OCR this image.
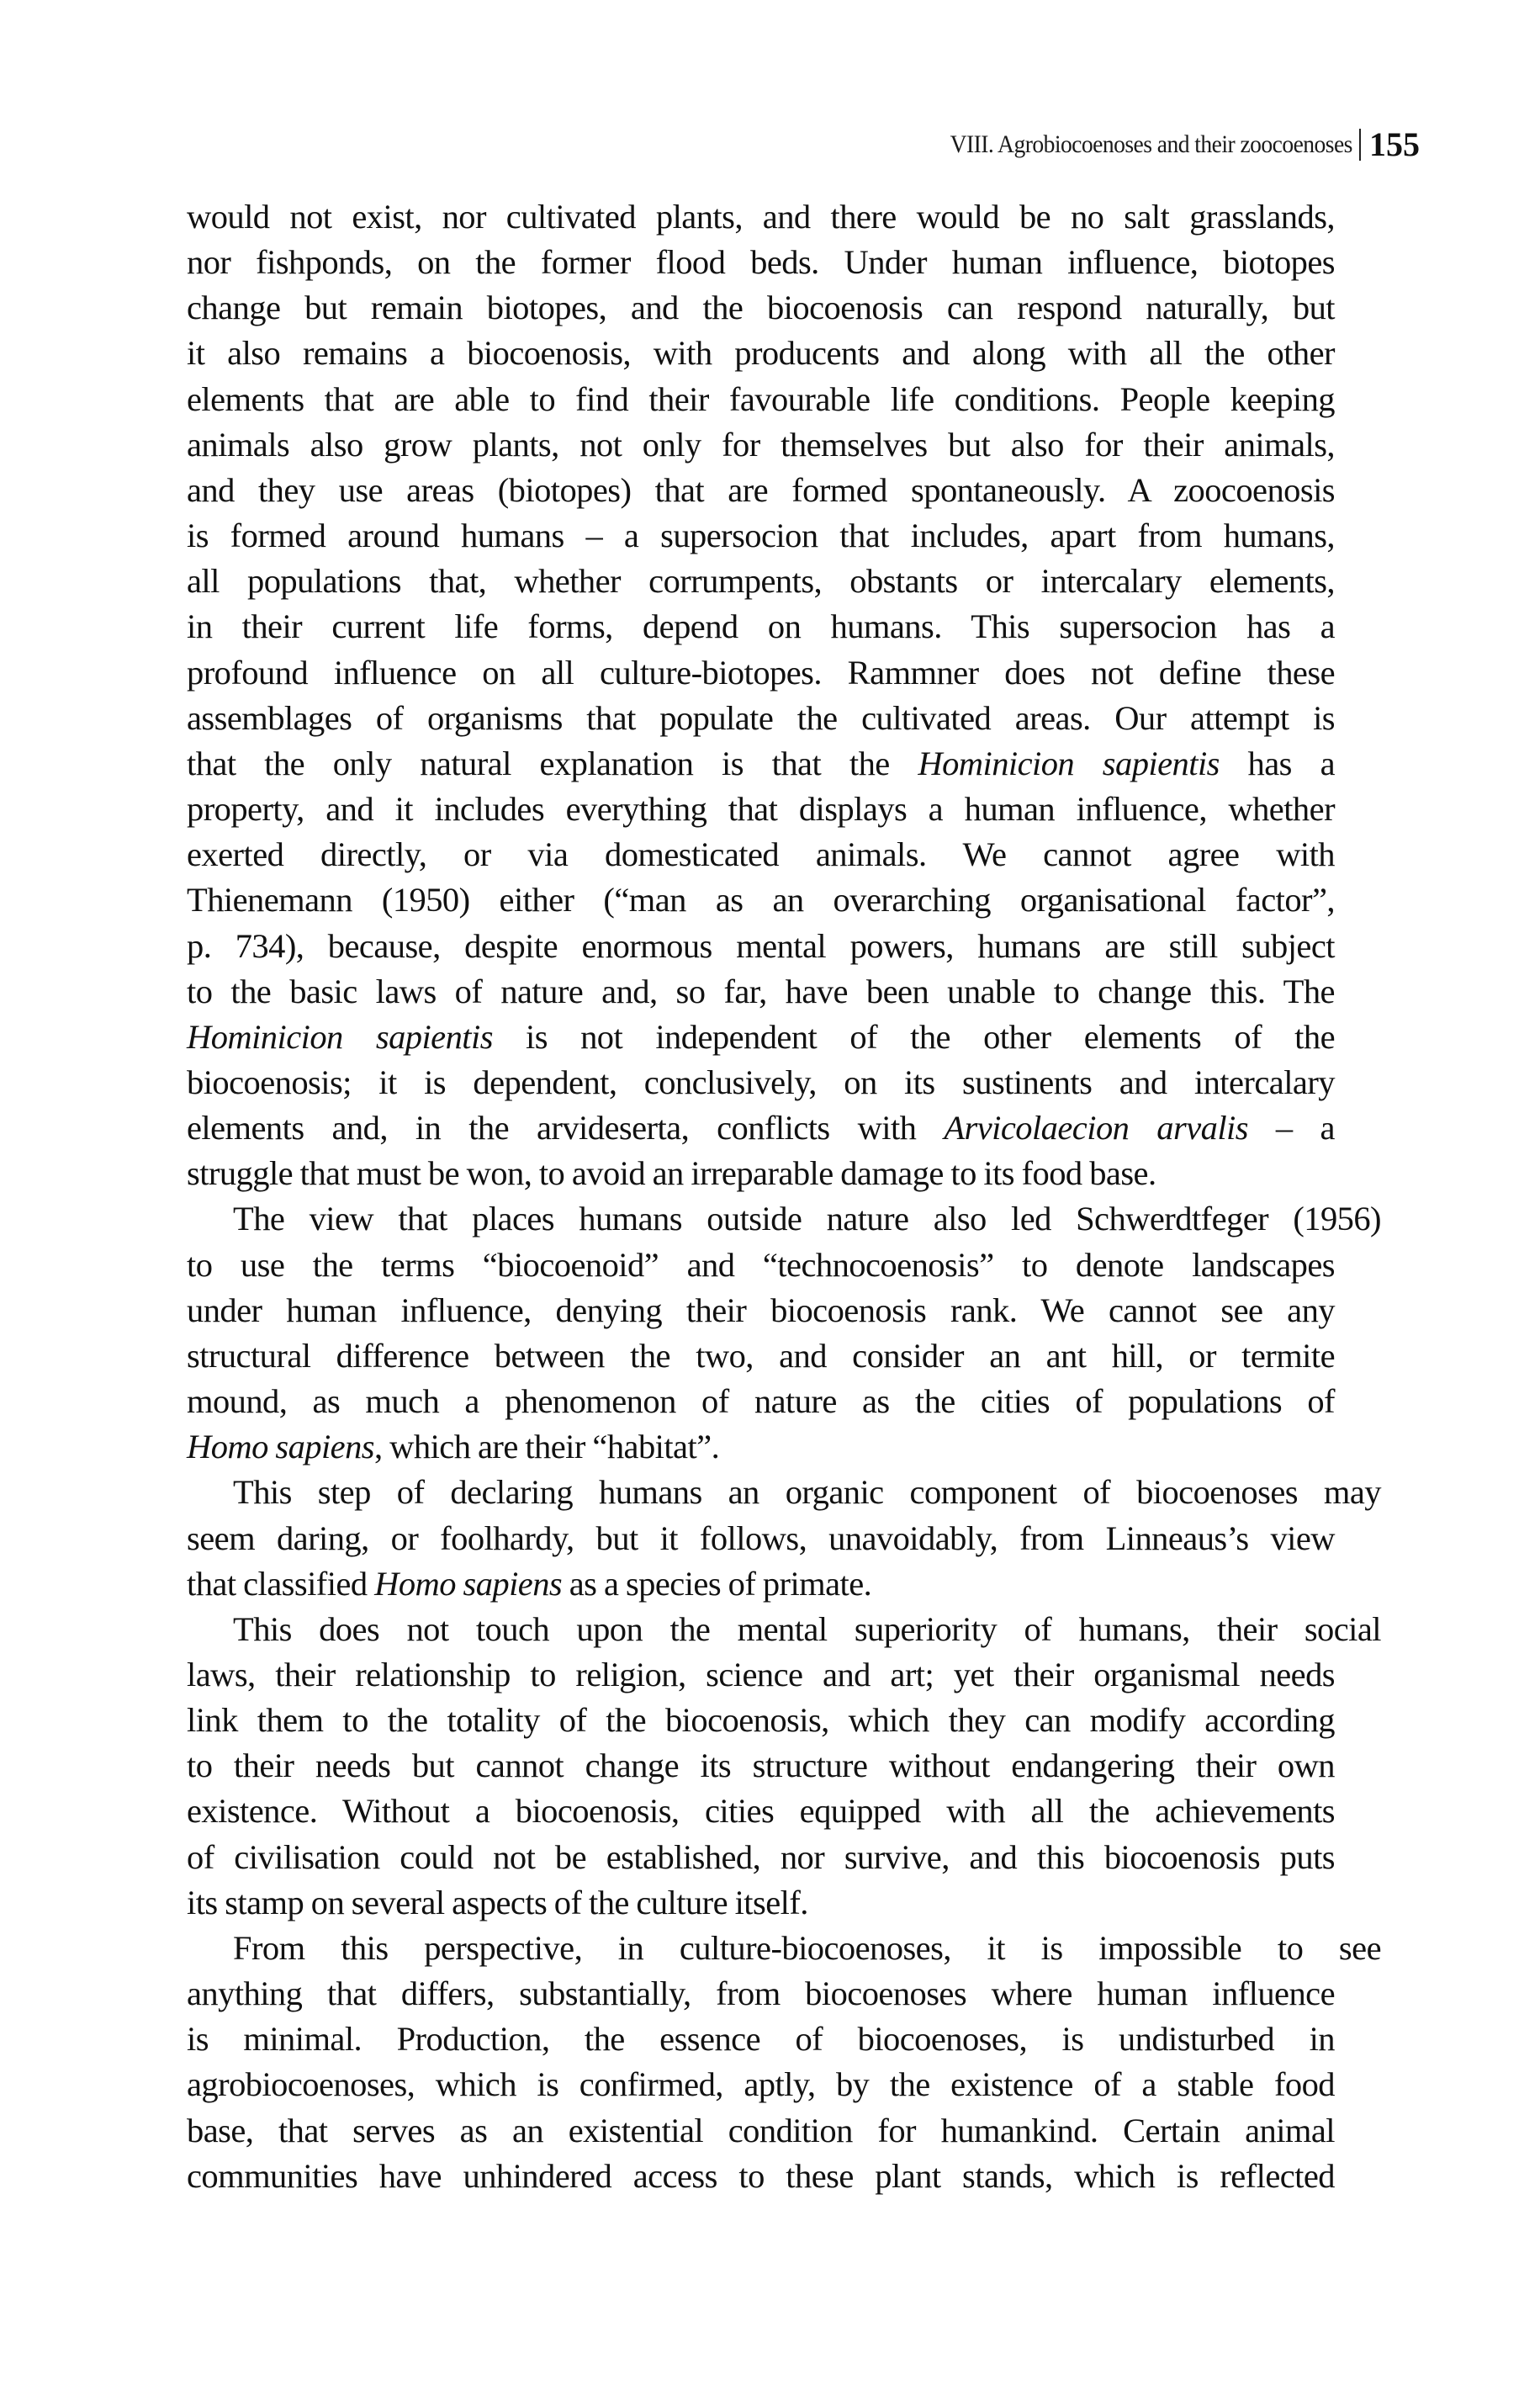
VIII. Agrobiocoenoses and their zoocoenoses 155

would not exist, nor cultivated plants, and there would be no salt grasslands,
nor fishponds, on the former flood beds. Under human influence, biotopes
change but remain biotopes, and the biocoenosis can respond naturally, but
it also remains a biocoenosis, with producents and along with all the other
elements that are able to find their favourable life conditions. People keeping
animals also grow plants, not only for themselves but also for their animals,
and they use areas (biotopes) that are formed spontaneously. A zoocoenosis
is formed around humans – a supersocion that includes, apart from humans,
all populations that, whether corrumpents, obstants or intercalary elements,
in their current life forms, depend on humans. This supersocion has a
profound influence on all culture-biotopes. Rammner does not define these
assemblages of organisms that populate the cultivated areas. Our attempt is
that the only natural explanation is that the Hominicion sapientis has a
property, and it includes everything that displays a human influence, whether
exerted directly, or via domesticated animals. We cannot agree with
Thienemann (1950) either (“man as an overarching organisational factor”,
p. 734), because, despite enormous mental powers, humans are still subject
to the basic laws of nature and, so far, have been unable to change this. The
Hominicion sapientis is not independent of the other elements of the
biocoenosis; it is dependent, conclusively, on its sustinents and intercalary
elements and, in the arvideserta, conflicts with Arvicolaecion arvalis – a
struggle that must be won, to avoid an irreparable damage to its food base.

The view that places humans outside nature also led Schwerdtfeger (1956)
to use the terms “biocoenoid” and “technocoenosis” to denote landscapes
under human influence, denying their biocoenosis rank. We cannot see any
structural difference between the two, and consider an ant hill, or termite
mound, as much a phenomenon of nature as the cities of populations of
Homo sapiens, which are their “habitat”.

This step of declaring humans an organic component of biocoenoses may
seem daring, or foolhardy, but it follows, unavoidably, from Linneaus’s view
that classified Homo sapiens as a species of primate.

This does not touch upon the mental superiority of humans, their social
laws, their relationship to religion, science and art; yet their organismal needs
link them to the totality of the biocoenosis, which they can modify according
to their needs but cannot change its structure without endangering their own
existence. Without a biocoenosis, cities equipped with all the achievements
of civilisation could not be established, nor survive, and this biocoenosis puts
its stamp on several aspects of the culture itself.

From this perspective, in culture-biocoenoses, it is impossible to see
anything that differs, substantially, from biocoenoses where human influence
is minimal. Production, the essence of biocoenoses, is undisturbed in
agrobiocoenoses, which is confirmed, aptly, by the existence of a stable food
base, that serves as an existential condition for humankind. Certain animal
communities have unhindered access to these plant stands, which is reflected
